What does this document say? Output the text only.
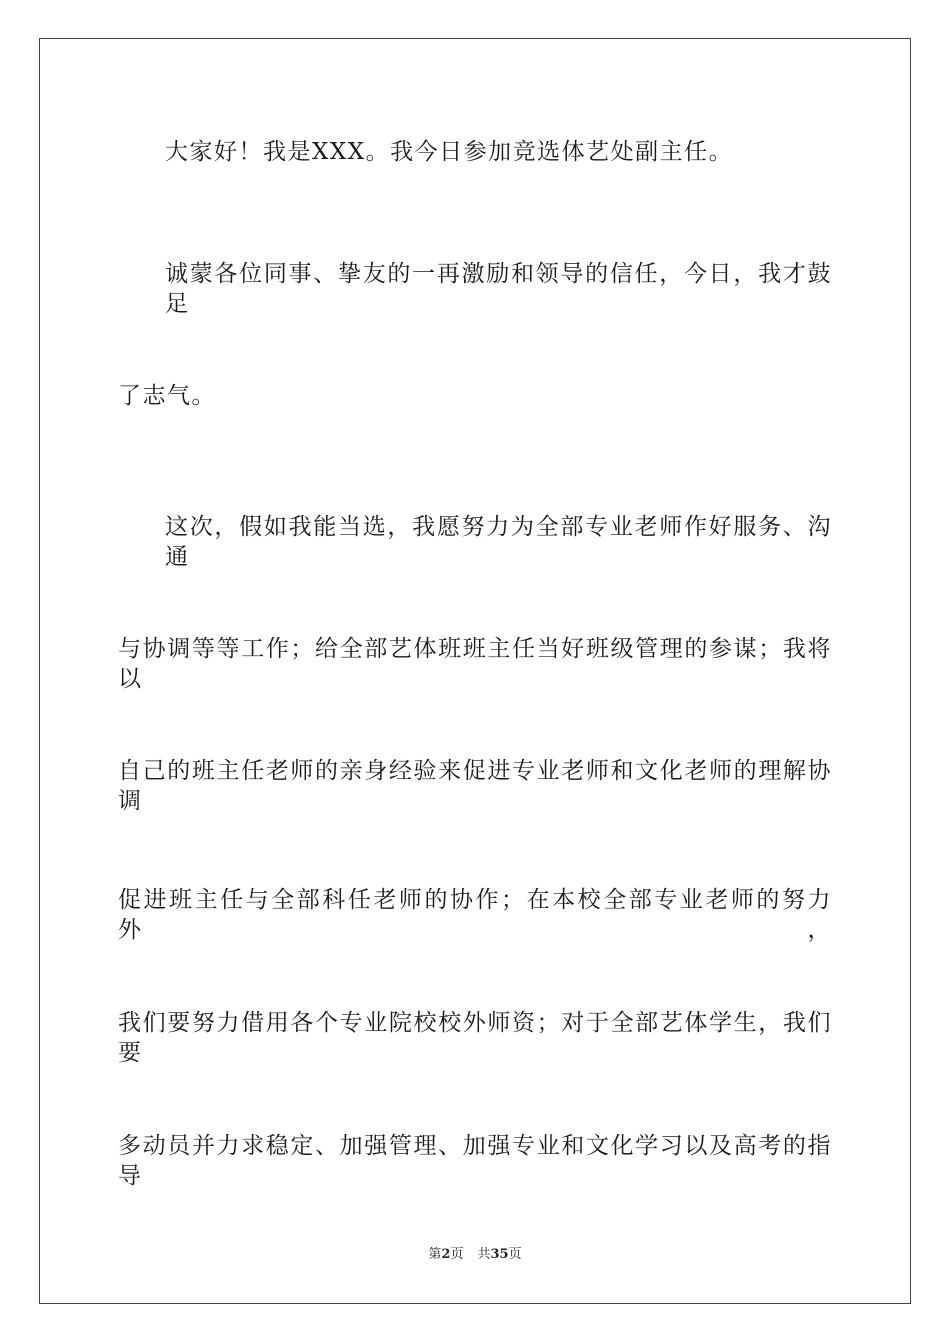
大家好！我是XXX。我今日参加竞选体艺处副主任。
诚蒙各位同事、挚友的一再激励和领导的信任，今日，我才鼓足
了志气。
这次，假如我能当选，我愿努力为全部专业老师作好服务、沟通
与协调等等工作；给全部艺体班班主任当好班级管理的参谋；我将以
自己的班主任老师的亲身经验来促进专业老师和文化老师的理解协调
促进班主任与全部科任老师的协作；在本校全部专业老师的努力外，
我们要努力借用各个专业院校校外师资；对于全部艺体学生，我们要
多动员并力求稳定、加强管理、加强专业和文化学习以及高考的指导
第2页 共35页
